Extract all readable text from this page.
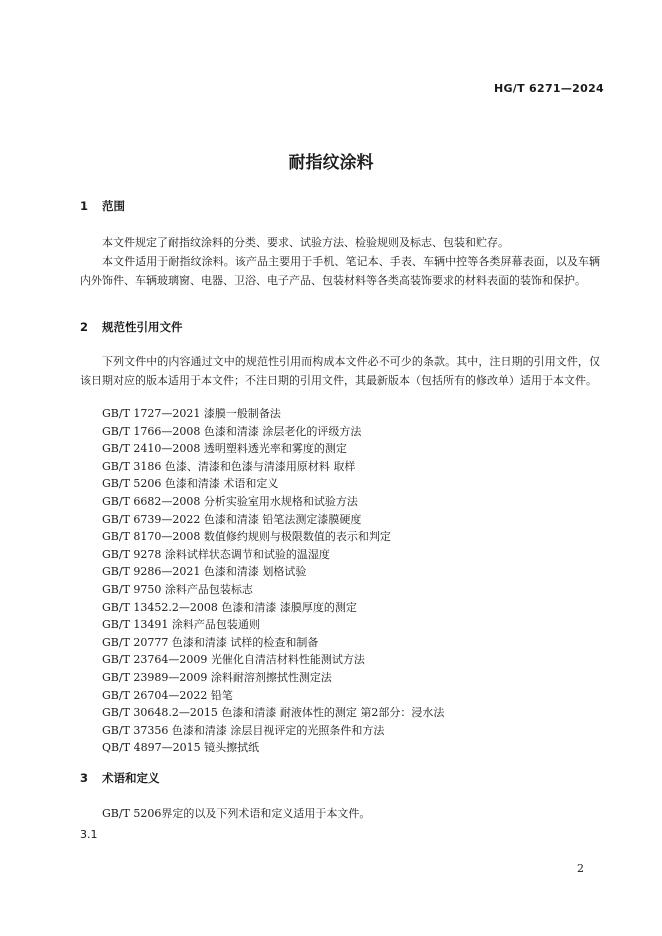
HG/T 6271—2024
耐指纹涂料
1 范围

本文件规定了耐指纹涂料的分类、要求、试验方法、检验规则及标志、包装和贮存。

本文件适用于耐指纹涂料。该产品主要用于手机、笔记本、手表、车辆中控等各类屏幕表面，以及车辆内外饰件、车辆玻璃窗、电器、卫浴、电子产品、包装材料等各类高装饰要求的材料表面的装饰和保护。

2 规范性引用文件

下列文件中的内容通过文中的规范性引用而构成本文件必不可少的条款。其中，注日期的引用文件，仅该日期对应的版本适用于本文件；不注日期的引用文件，其最新版本（包括所有的修改单）适用于本文件。

GB/T 1727—2021 漆膜一般制备法
GB/T 1766—2008 色漆和清漆 涂层老化的评级方法
GB/T 2410—2008 透明塑料透光率和雾度的测定
GB/T 3186 色漆、清漆和色漆与清漆用原材料 取样
GB/T 5206 色漆和清漆 术语和定义
GB/T 6682—2008 分析实验室用水规格和试验方法
GB/T 6739—2022 色漆和清漆 铅笔法测定漆膜硬度
GB/T 8170—2008 数值修约规则与极限数值的表示和判定
GB/T 9278 涂料试样状态调节和试验的温湿度
GB/T 9286—2021 色漆和清漆 划格试验
GB/T 9750 涂料产品包装标志
GB/T 13452.2—2008 色漆和清漆 漆膜厚度的测定
GB/T 13491 涂料产品包装通则
GB/T 20777 色漆和清漆 试样的检查和制备
GB/T 23764—2009 光催化自清洁材料性能测试方法
GB/T 23989—2009 涂料耐溶剂擦拭性测定法
GB/T 26704—2022 铅笔
GB/T 30648.2—2015 色漆和清漆 耐液体性的测定 第2部分：浸水法
GB/T 37356 色漆和清漆 涂层目视评定的光照条件和方法
QB/T 4897—2015 镜头擦拭纸
3 术语和定义

GB/T 5206界定的以及下列术语和定义适用于本文件。

3.1
2
